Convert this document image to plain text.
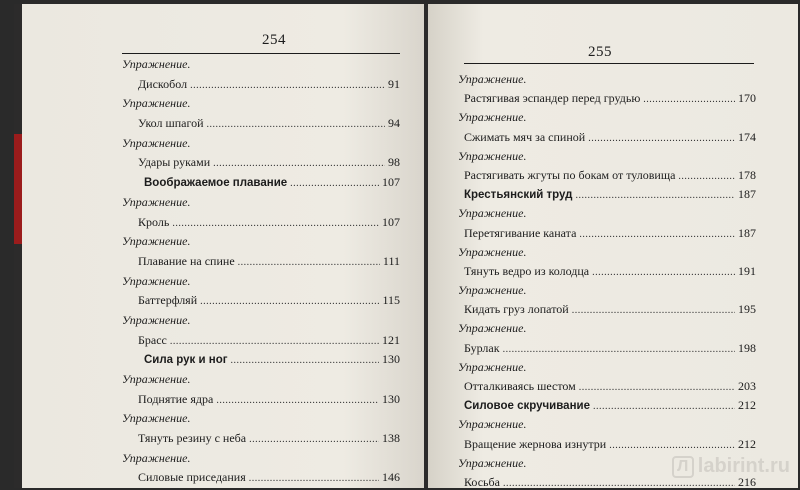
254
Упражнение.
Дискобол .....	91
Упражнение.
Укол шпагой .....	94
Упражнение.
Удары руками .....	98
Воображаемое плавание .....	107
Упражнение.
Кроль .....	107
Упражнение.
Плавание на спине .....	111
Упражнение.
Баттерфляй .....	115
Упражнение.
Брасс .....	121
Сила рук и ног .....	130
Упражнение.
Поднятие ядра .....	130
Упражнение.
Тянуть резину с неба .....	138
Упражнение.
Силовые приседания .....	146
255
Упражнение.
Растягивая эспандер перед грудью .....	170
Упражнение.
Сжимать мяч за спиной .....	174
Упражнение.
Растягивать жгуты по бокам от туловища .....	178
Крестьянский труд .....	187
Упражнение.
Перетягивание каната .....	187
Упражнение.
Тянуть ведро из колодца .....	191
Упражнение.
Кидать груз лопатой .....	195
Упражнение.
Бурлак .....	198
Упражнение.
Отталкиваясь шестом .....	203
Силовое скручивание .....	212
Упражнение.
Вращение жернова изнутри .....	212
Упражнение.
Косьба .....	216
Л labirint.ru
